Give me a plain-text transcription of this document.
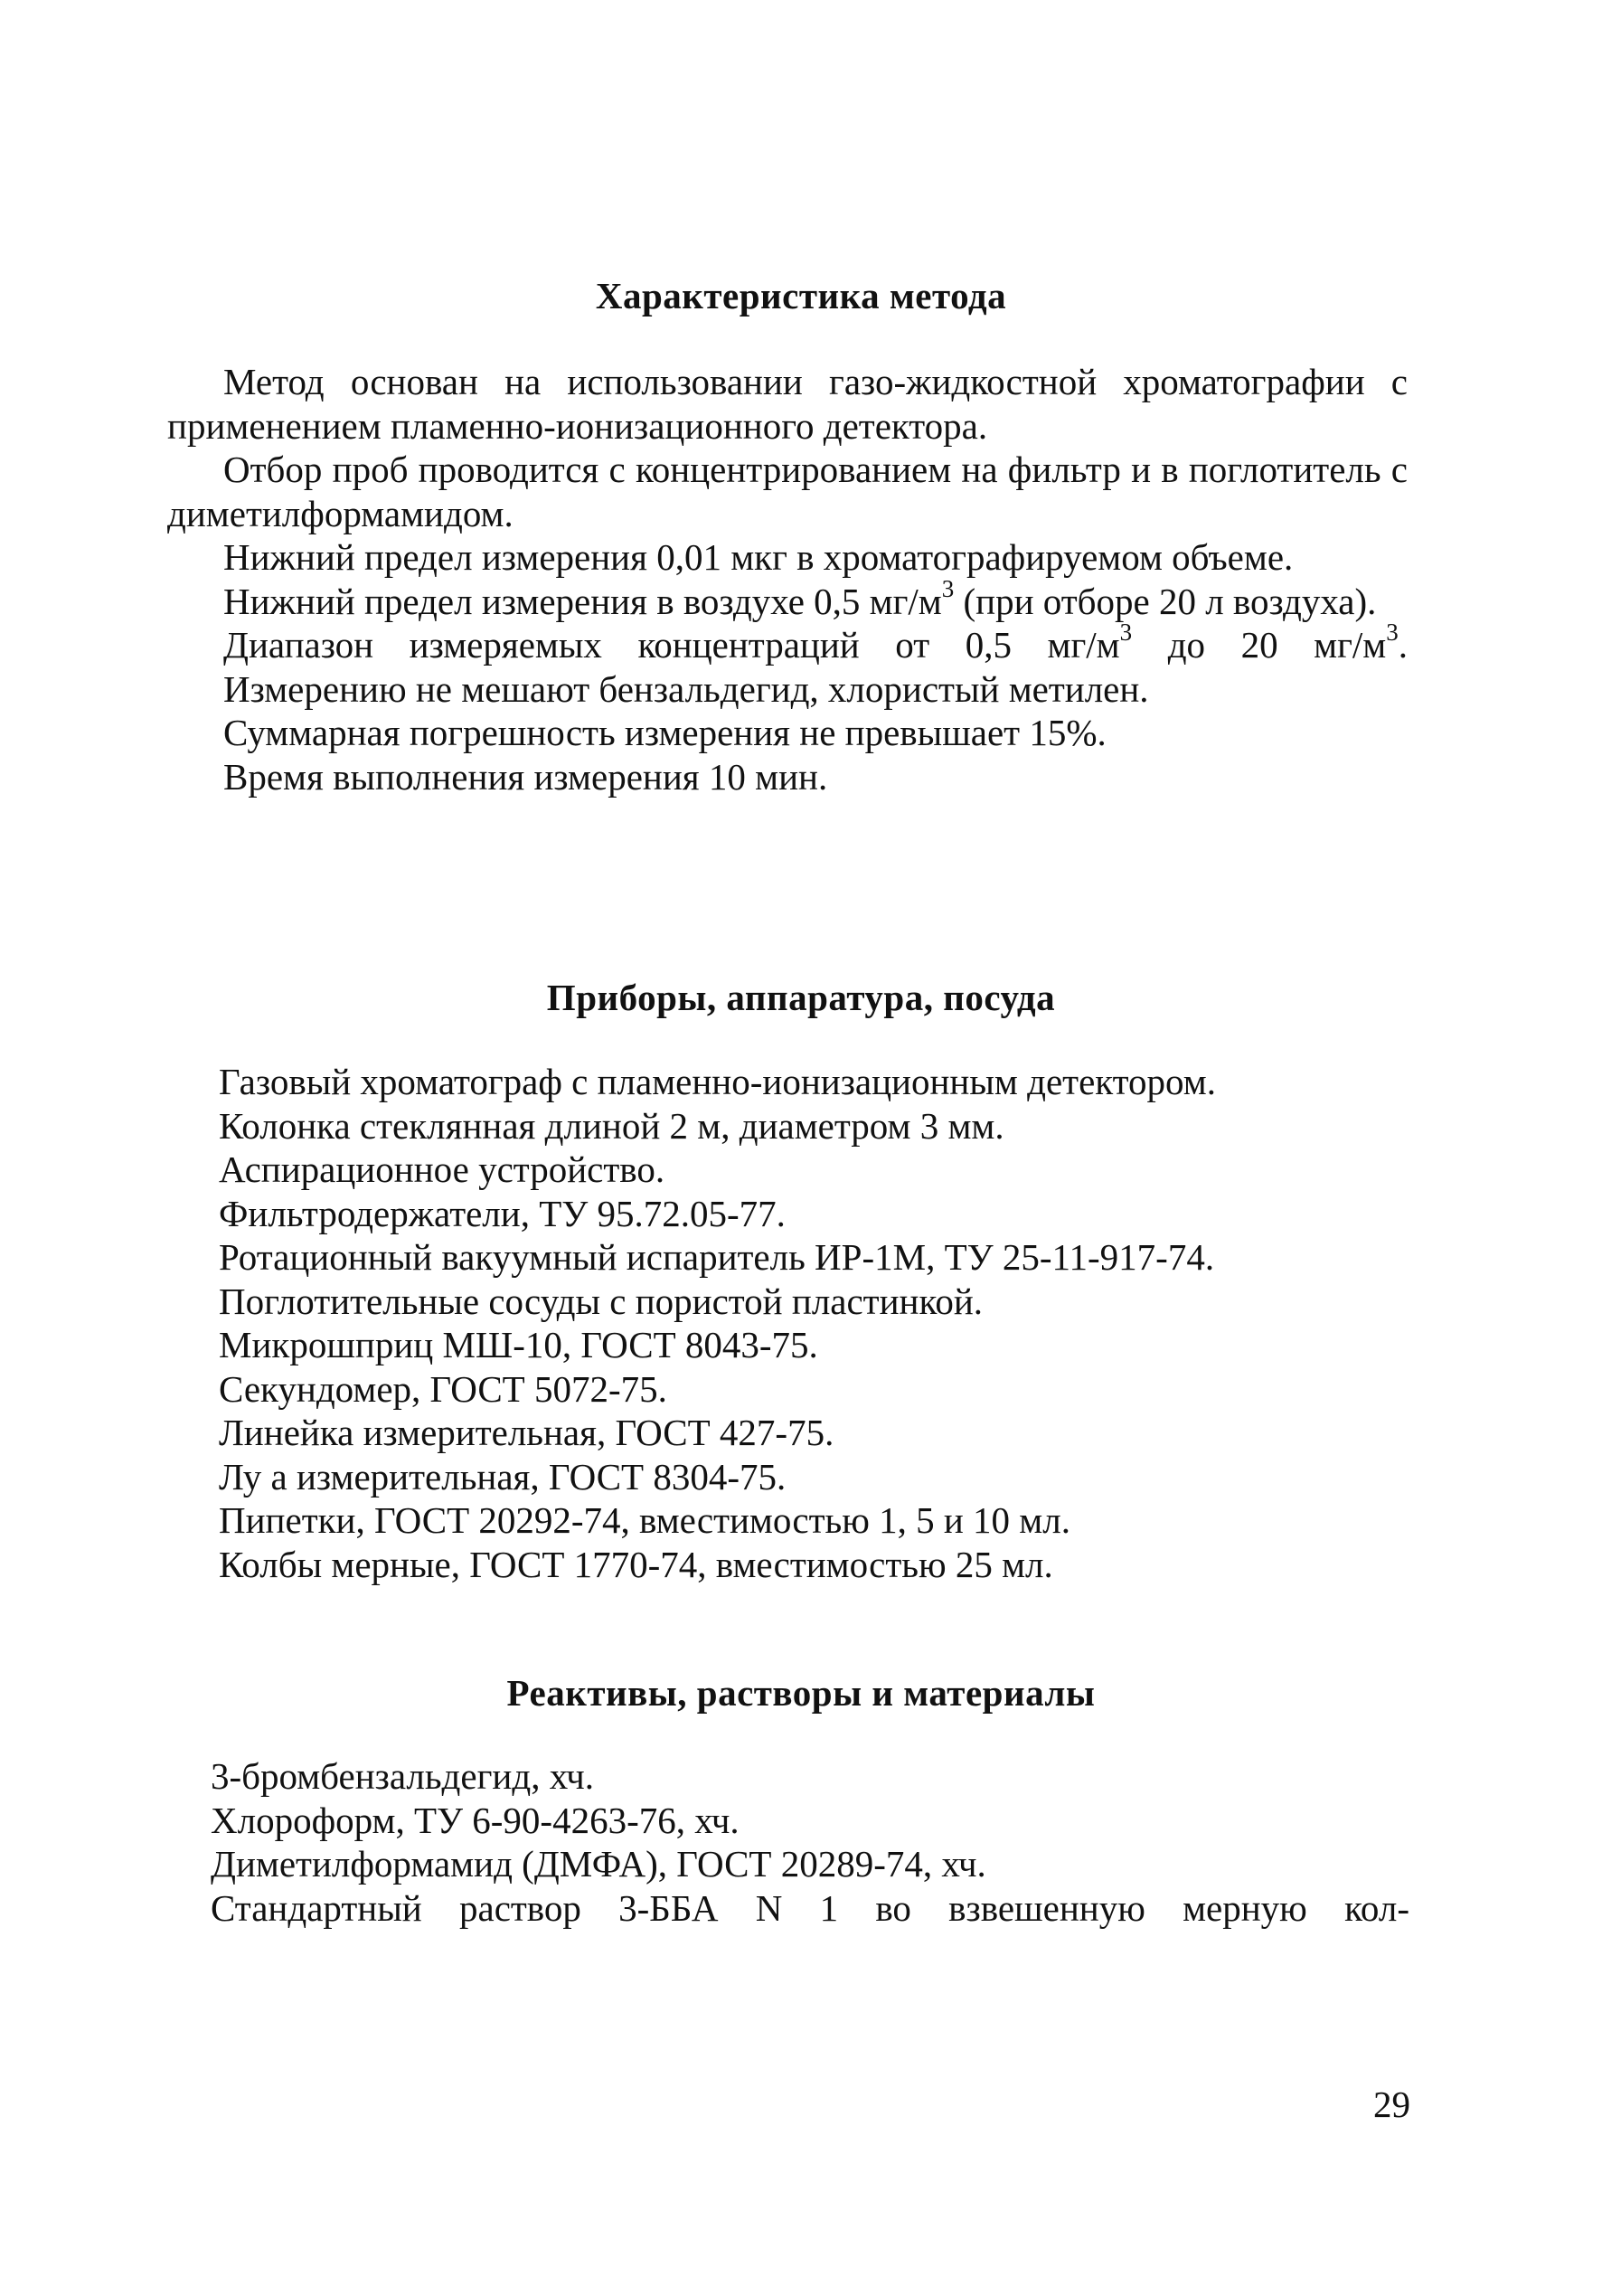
Характеристика метода

Метод основан на использовании газо-жидкостной хроматографии с применением пламенно-ионизационного детектора.

Отбор проб проводится с концентрированием на фильтр и в поглотитель с диметилформамидом.

Нижний предел измерения 0,01 мкг в хроматографируемом объеме.

Нижний предел измерения в воздухе 0,5 $мг/м^3$ (при отборе 20 л воздуха).

Диапазон измеряемых концентраций от 0,5 $мг/м^3$ до 20 $мг/м^3$.

Измерению не мешают бензальдегид, хлористый метилен.

Суммарная погрешность измерения не превышает 15%.

Время выполнения измерения 10 мин.

Приборы, аппаратура, посуда
Газовый хроматограф с пламенно-ионизационным детектором.
Колонка стеклянная длиной 2 м, диаметром 3 мм.
Аспирационное устройство.
Фильтродержатели, ТУ 95.72.05-77.
Ротационный вакуумный испаритель ИР-1М, ТУ 25-11-917-74.
Поглотительные сосуды с пористой пластинкой.
Микрошприц МШ-10, ГОСТ 8043-75.
Секундомер, ГОСТ 5072-75.
Линейка измерительная, ГОСТ 427-75.
Лу а измерительная, ГОСТ 8304-75.
Пипетки, ГОСТ 20292-74, вместимостью 1, 5 и 10 мл.
Колбы мерные, ГОСТ 1770-74, вместимостью 25 мл.
Реактивы, растворы и материалы
3-бромбензальдегид, хч.
Хлороформ, ТУ 6-90-4263-76, хч.
Диметилформамид (ДМФА), ГОСТ 20289-74, хч.

Стандартный раствор 3-ББА N 1 во взвешенную мерную кол-

29
